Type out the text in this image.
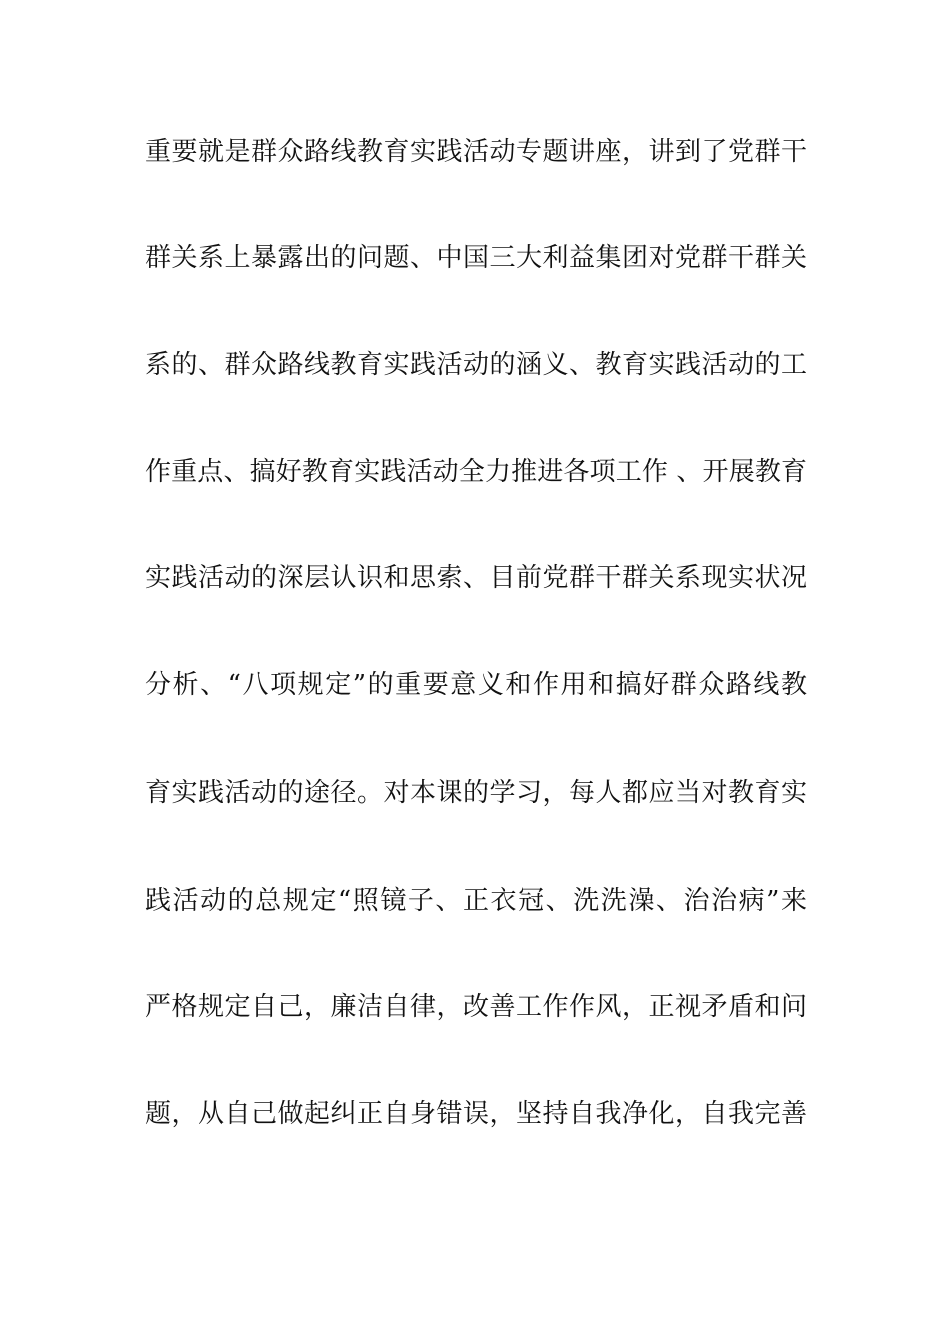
重要就是群众路线教育实践活动专题讲座，讲到了党群干
群关系上暴露出的问题、中国三大利益集团对党群干群关
系的、群众路线教育实践活动的涵义、教育实践活动的工
作重点、搞好教育实践活动全力推进各项工作 、开展教育
实践活动的深层认识和思索、目前党群干群关系现实状况
分析、“八项规定”的重要意义和作用和搞好群众路线教
育实践活动的途径。对本课的学习，每人都应当对教育实
践活动的总规定“照镜子、正衣冠、洗洗澡、治治病”来
严格规定自己，廉洁自律，改善工作作风，正视矛盾和问
题，从自己做起纠正自身错误，坚持自我净化，自我完善
